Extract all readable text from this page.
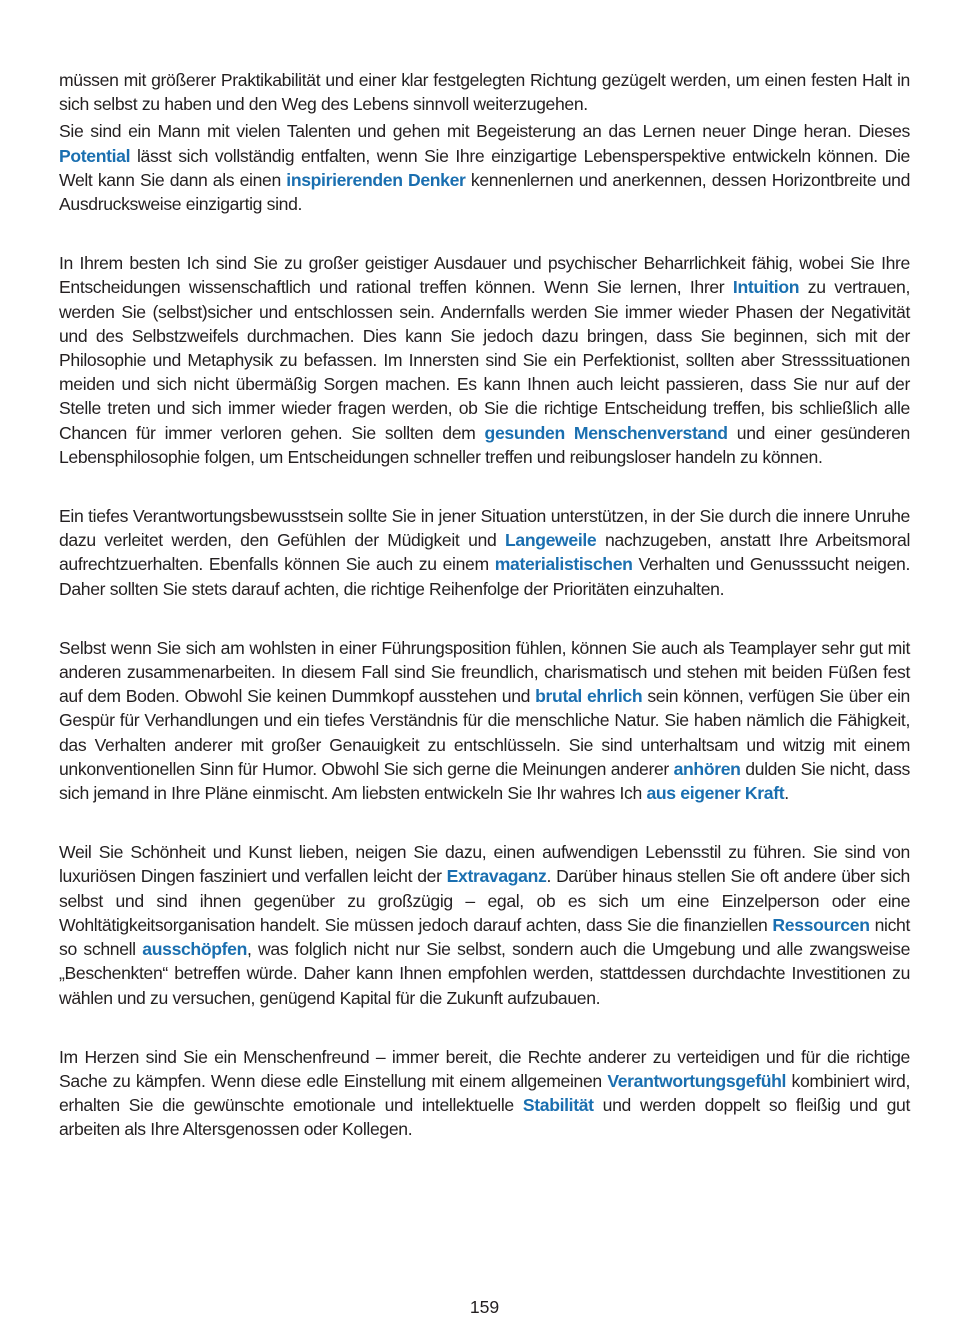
müssen mit größerer Praktikabilität und einer klar festgelegten Richtung gezügelt werden, um einen festen Halt in sich selbst zu haben und den Weg des Lebens sinnvoll weiterzugehen.

Sie sind ein Mann mit vielen Talenten und gehen mit Begeisterung an das Lernen neuer Dinge heran. Dieses Potential lässt sich vollständig entfalten, wenn Sie Ihre einzigartige Lebensperspektive entwickeln können. Die Welt kann Sie dann als einen inspirierenden Denker kennenlernen und anerkennen, dessen Horizontbreite und Ausdrucksweise einzigartig sind.

In Ihrem besten Ich sind Sie zu großer geistiger Ausdauer und psychischer Beharrlichkeit fähig, wobei Sie Ihre Entscheidungen wissenschaftlich und rational treffen können. Wenn Sie lernen, Ihrer Intuition zu vertrauen, werden Sie (selbst)sicher und entschlossen sein. Andernfalls werden Sie immer wieder Phasen der Negativität und des Selbstzweifels durchmachen. Dies kann Sie jedoch dazu bringen, dass Sie beginnen, sich mit der Philosophie und Metaphysik zu befassen. Im Innersten sind Sie ein Perfektionist, sollten aber Stresssituationen meiden und sich nicht übermäßig Sorgen machen. Es kann Ihnen auch leicht passieren, dass Sie nur auf der Stelle treten und sich immer wieder fragen werden, ob Sie die richtige Entscheidung treffen, bis schließlich alle Chancen für immer verloren gehen. Sie sollten dem gesunden Menschenverstand und einer gesünderen Lebensphilosophie folgen, um Entscheidungen schneller treffen und reibungsloser handeln zu können.

Ein tiefes Verantwortungsbewusstsein sollte Sie in jener Situation unterstützen, in der Sie durch die innere Unruhe dazu verleitet werden, den Gefühlen der Müdigkeit und Langeweile nachzugeben, anstatt Ihre Arbeitsmoral aufrechtzuerhalten. Ebenfalls können Sie auch zu einem materialistischen Verhalten und Genusssucht neigen. Daher sollten Sie stets darauf achten, die richtige Reihenfolge der Prioritäten einzuhalten.

Selbst wenn Sie sich am wohlsten in einer Führungsposition fühlen, können Sie auch als Teamplayer sehr gut mit anderen zusammenarbeiten. In diesem Fall sind Sie freundlich, charismatisch und stehen mit beiden Füßen fest auf dem Boden. Obwohl Sie keinen Dummkopf ausstehen und brutal ehrlich sein können, verfügen Sie über ein Gespür für Verhandlungen und ein tiefes Verständnis für die menschliche Natur. Sie haben nämlich die Fähigkeit, das Verhalten anderer mit großer Genauigkeit zu entschlüsseln. Sie sind unterhaltsam und witzig mit einem unkonventionellen Sinn für Humor. Obwohl Sie sich gerne die Meinungen anderer anhören dulden Sie nicht, dass sich jemand in Ihre Pläne einmischt. Am liebsten entwickeln Sie Ihr wahres Ich aus eigener Kraft.

Weil Sie Schönheit und Kunst lieben, neigen Sie dazu, einen aufwendigen Lebensstil zu führen. Sie sind von luxuriösen Dingen fasziniert und verfallen leicht der Extravaganz. Darüber hinaus stellen Sie oft andere über sich selbst und sind ihnen gegenüber zu großzügig – egal, ob es sich um eine Einzelperson oder eine Wohltätigkeitsorganisation handelt. Sie müssen jedoch darauf achten, dass Sie die finanziellen Ressourcen nicht so schnell ausschöpfen, was folglich nicht nur Sie selbst, sondern auch die Umgebung und alle zwangsweise „Beschenkten“ betreffen würde. Daher kann Ihnen empfohlen werden, stattdessen durchdachte Investitionen zu wählen und zu versuchen, genügend Kapital für die Zukunft aufzubauen.

Im Herzen sind Sie ein Menschenfreund – immer bereit, die Rechte anderer zu verteidigen und für die richtige Sache zu kämpfen. Wenn diese edle Einstellung mit einem allgemeinen Verantwortungsgefühl kombiniert wird, erhalten Sie die gewünschte emotionale und intellektuelle Stabilität und werden doppelt so fleißig und gut arbeiten als Ihre Altersgenossen oder Kollegen.

159
